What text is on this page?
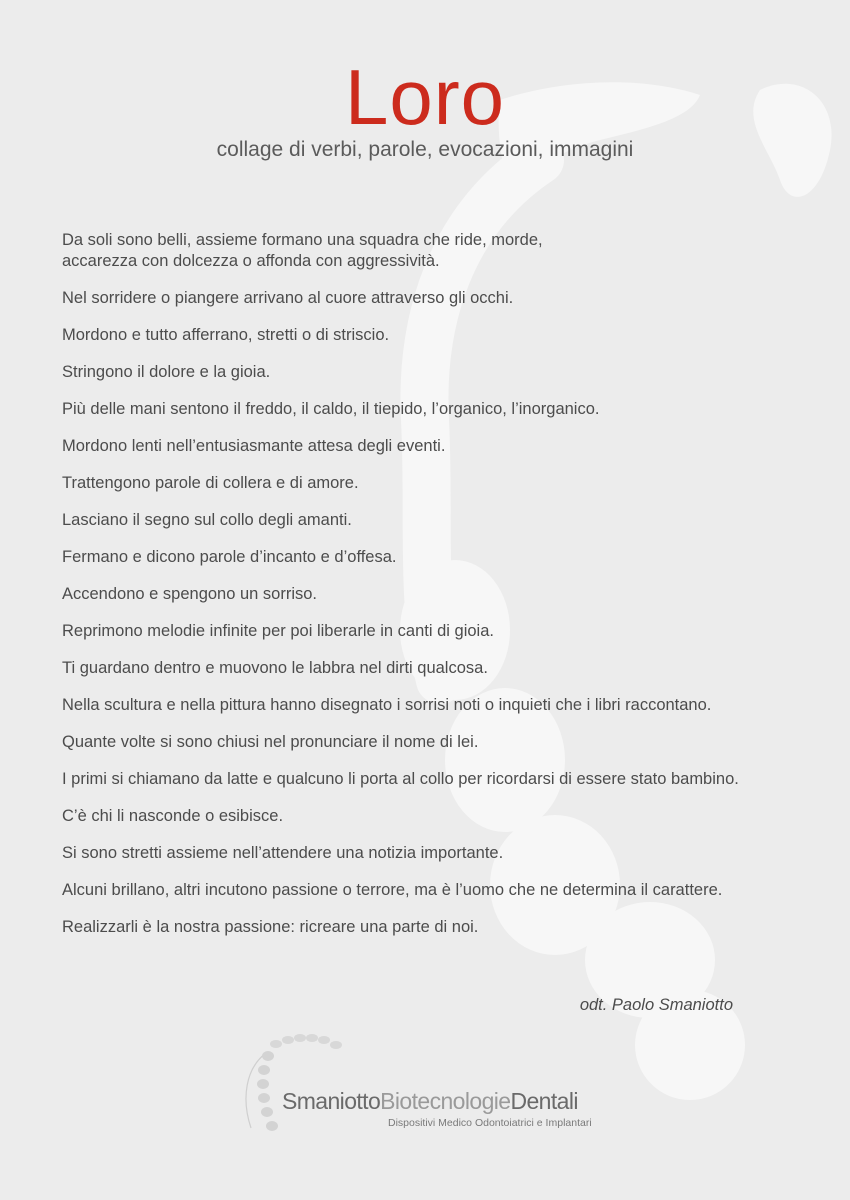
Loro
collage di verbi, parole, evocazioni, immagini
Da soli sono belli, assieme formano una squadra che ride, morde,
accarezza con dolcezza o affonda con aggressività.
Nel sorridere o piangere arrivano al cuore attraverso gli occhi.
Mordono e tutto afferrano, stretti o di striscio.
Stringono il dolore e la gioia.
Più delle mani sentono il freddo, il caldo, il tiepido, l’organico, l’inorganico.
Mordono lenti nell’entusiasmante attesa degli eventi.
Trattengono parole di collera e di amore.
Lasciano il segno sul collo degli amanti.
Fermano e dicono parole d’incanto e d’offesa.
Accendono e spengono un sorriso.
Reprimono melodie infinite per poi liberarle in canti di gioia.
Ti guardano dentro e muovono le labbra nel dirti qualcosa.
Nella scultura e nella pittura hanno disegnato i sorrisi noti o inquieti che i libri raccontano.
Quante volte si sono chiusi nel pronunciare il nome di lei.
I primi si chiamano da latte e qualcuno li porta al collo per ricordarsi di essere stato bambino.
C’è chi li nasconde o esibisce.
Si sono stretti assieme nell’attendere una notizia importante.
Alcuni brillano, altri incutono passione o terrore, ma è l’uomo che ne determina il carattere.
Realizzarli è la nostra passione: ricreare una parte di noi.
odt. Paolo Smaniotto
SmaniottoBiotecnologieDentali
Dispositivi Medico Odontoiatrici e Implantari
